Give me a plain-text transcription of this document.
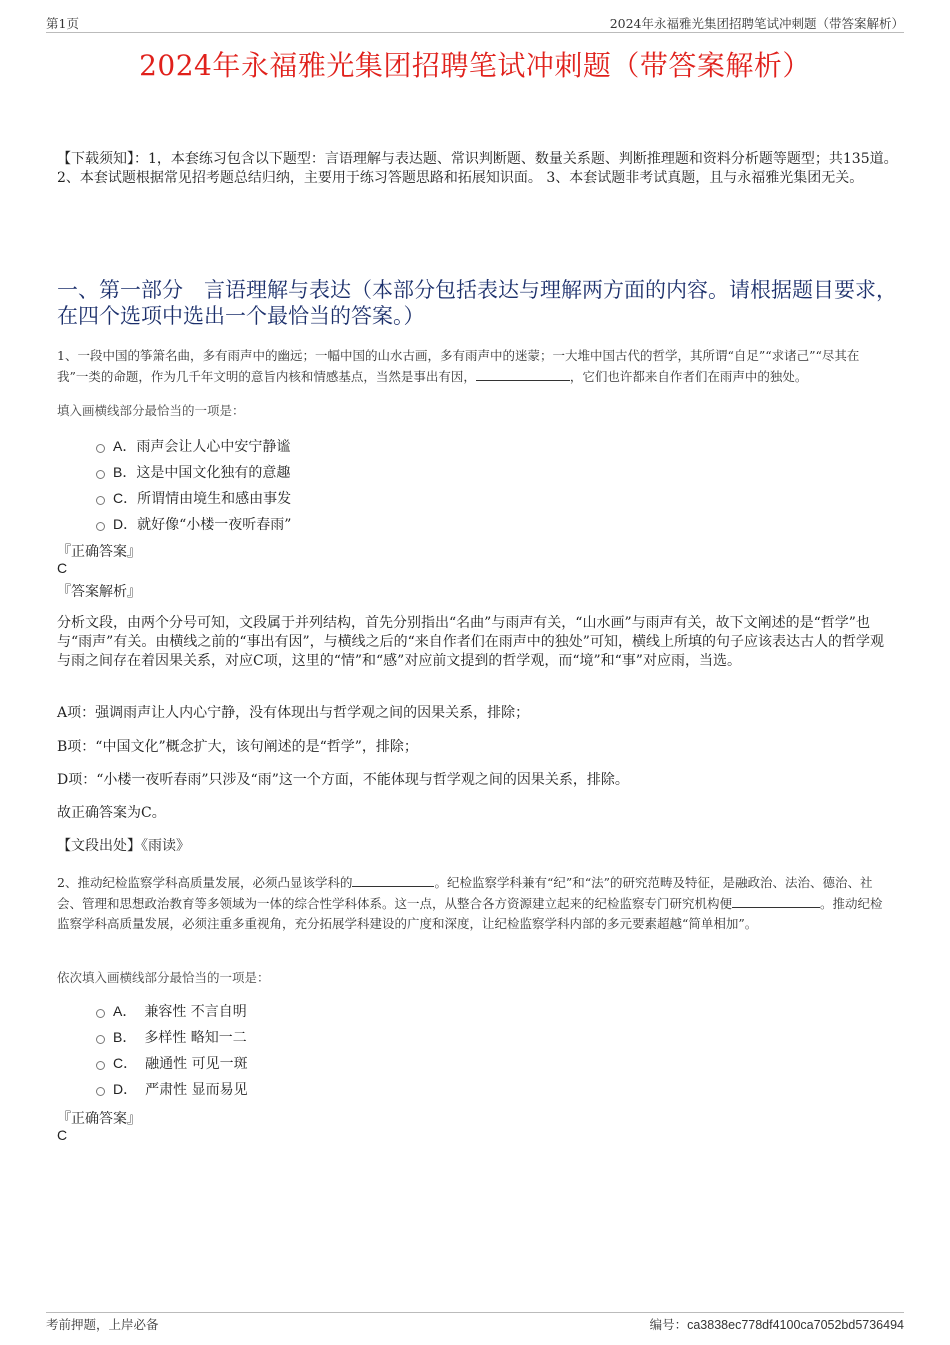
第1页	2024年永福雅光集团招聘笔试冲刺题（带答案解析）
2024年永福雅光集团招聘笔试冲刺题（带答案解析）
【下载须知】：1，本套练习包含以下题型：言语理解与表达题、常识判断题、数量关系题、判断推理题和资料分析题等题型；共135道。 2、本套试题根据常见招考题总结归纳，主要用于练习答题思路和拓展知识面。 3、本套试题非考试真题，且与永福雅光集团无关。
一、第一部分　言语理解与表达（本部分包括表达与理解两方面的内容。请根据题目要求，在四个选项中选出一个最恰当的答案。）
1、一段中国的筝箫名曲，多有雨声中的幽远；一幅中国的山水古画，多有雨声中的迷蒙；一大堆中国古代的哲学，其所谓“自足”“求诸己”“尽其在我”一类的命题，作为几千年文明的意旨内核和情感基点，当然是事出有因，	，它们也许都来自作者们在雨声中的独处。
填入画横线部分最恰当的一项是：
A． 雨声会让人心中安宁静谧
B． 这是中国文化独有的意趣
C． 所谓情由境生和感由事发
D． 就好像“小楼一夜听春雨”
『正确答案』
C
『答案解析』
分析文段，由两个分号可知，文段属于并列结构，首先分别指出“名曲”与雨声有关，“山水画”与雨声有关，故下文阐述的是“哲学”也与“雨声”有关。由横线之前的“事出有因”，与横线之后的“来自作者们在雨声中的独处”可知，横线上所填的句子应该表达古人的哲学观与雨之间存在着因果关系，对应C项，这里的“情”和“感”对应前文提到的哲学观，而“境”和“事”对应雨，当选。
A项：强调雨声让人内心宁静，没有体现出与哲学观之间的因果关系，排除；
B项：“中国文化”概念扩大，该句阐述的是“哲学”，排除；
D项：“小楼一夜听春雨”只涉及“雨”这一个方面，不能体现与哲学观之间的因果关系，排除。
故正确答案为C。
【文段出处】《雨读》
2、推动纪检监察学科高质量发展，必须凸显该学科的	。纪检监察学科兼有“纪”和“法”的研究范畴及特征，是融政治、法治、德治、社会、管理和思想政治教育等多领域为一体的综合性学科体系。这一点，从整合各方资源建立起来的纪检监察专门研究机构便	。推动纪检监察学科高质量发展，必须注重多重视角，充分拓展学科建设的广度和深度，让纪检监察学科内部的多元要素超越“简单相加”。
依次填入画横线部分最恰当的一项是：
A． 兼容性 不言自明
B． 多样性 略知一二
C． 融通性 可见一斑
D． 严肃性 显而易见
『正确答案』
C
考前押题，上岸必备	编号：ca3838ec778df4100ca7052bd5736494
